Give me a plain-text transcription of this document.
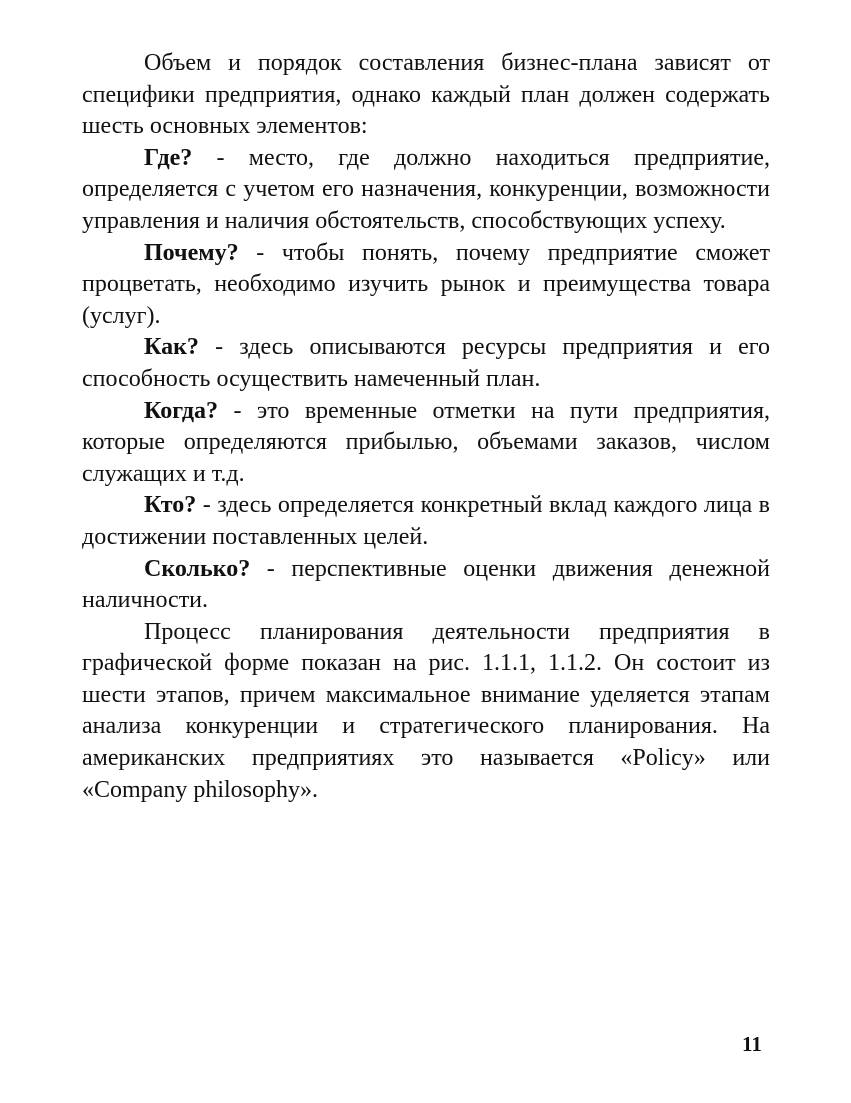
Объем и порядок составления бизнес-плана зависят от специфики предприятия, однако каждый план должен содержать шесть основных элементов:

Где? - место, где должно находиться предприятие, определяется с учетом его назначения, конкуренции, возможности управления и наличия обстоятельств, способствующих успеху.

Почему? - чтобы понять, почему предприятие сможет процветать, необходимо изучить рынок и преимущества товара (услуг).

Как? - здесь описываются ресурсы предприятия и его способность осуществить намеченный план.

Когда? - это временные отметки на пути предприятия, которые определяются прибылью, объемами заказов, числом служащих и т.д.

Кто? - здесь определяется конкретный вклад каждого лица в достижении поставленных целей.

Сколько? - перспективные оценки движения денежной наличности.

Процесс планирования деятельности предприятия в графической форме показан на рис. 1.1.1, 1.1.2. Он состоит из шести этапов, причем максимальное внимание уделяется этапам анализа конкуренции и стратегического планирования. На американских предприятиях это называется «Policy» или «Company philosophy».

11
